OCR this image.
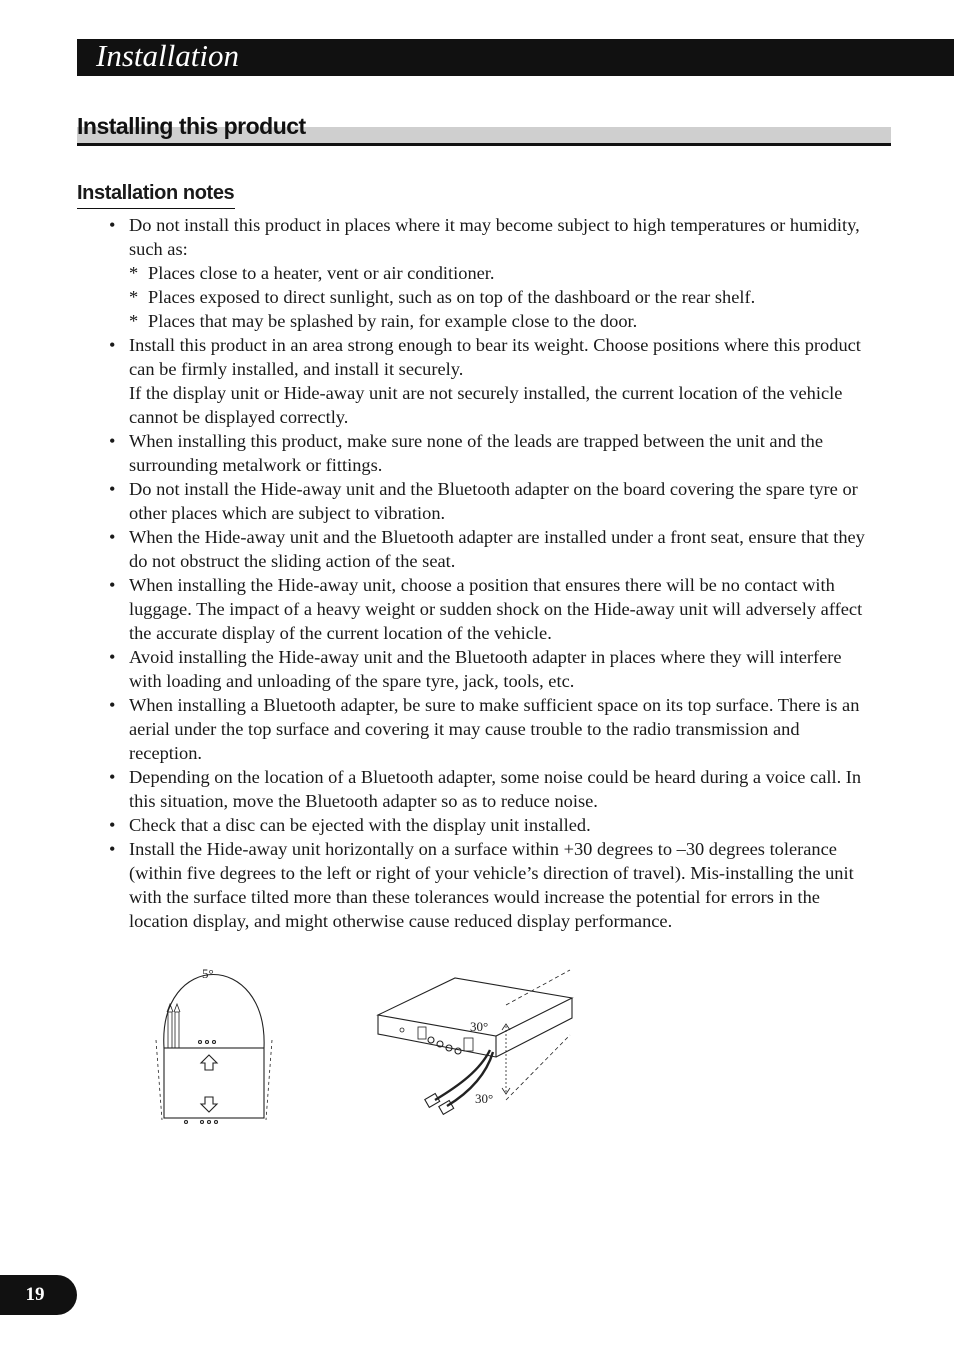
Installation
Installing this product
Installation notes
• Do not install this product in places where it may become subject to high temperatures or humidity, such as:
* Places close to a heater, vent or air conditioner.
* Places exposed to direct sunlight, such as on top of the dashboard or the rear shelf.
* Places that may be splashed by rain, for example close to the door.
• Install this product in an area strong enough to bear its weight. Choose positions where this product can be firmly installed, and install it securely.
If the display unit or Hide-away unit are not securely installed, the current location of the vehicle cannot be displayed correctly.
• When installing this product, make sure none of the leads are trapped between the unit and the surrounding metalwork or fittings.
• Do not install the Hide-away unit and the Bluetooth adapter on the board covering the spare tyre or other places which are subject to vibration.
• When the Hide-away unit and the Bluetooth adapter are installed under a front seat, ensure that they do not obstruct the sliding action of the seat.
• When installing the Hide-away unit, choose a position that ensures there will be no contact with luggage. The impact of a heavy weight or sudden shock on the Hide-away unit will adversely affect the accurate display of the current location of the vehicle.
• Avoid installing the Hide-away unit and the Bluetooth adapter in places where they will interfere with loading and unloading of the spare tyre, jack, tools, etc.
• When installing a Bluetooth adapter, be sure to make sufficient space on its top surface. There is an aerial under the top surface and covering it may cause trouble to the radio transmission and reception.
• Depending on the location of a Bluetooth adapter, some noise could be heard during a voice call. In this situation, move the Bluetooth adapter so as to reduce noise.
• Check that a disc can be ejected with the display unit installed.
• Install the Hide-away unit horizontally on a surface within +30 degrees to –30 degrees tolerance (within five degrees to the left or right of your vehicle’s direction of travel). Mis-installing the unit with the surface tilted more than these tolerances would increase the potential for errors in the location display, and might otherwise cause reduced display performance.
5°
30°
30°
19
